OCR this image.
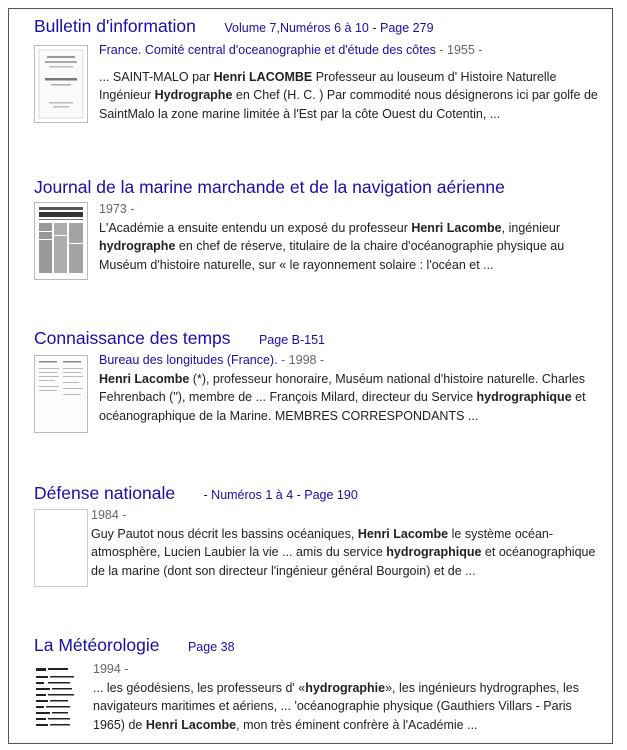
Bulletin d'information Volume 7,Numéros 6 à 10 - Page 279
France. Comité central d'oceanographie et d'étude des côtes - 1955 -
... SAINT-MALO par Henri LACOMBE Professeur au louseum d' Histoire Naturelle
Ingénieur Hydrographe en Chef (H. C. ) Par commodité nous désignerons ici par golfe de
SaintMalo la zone marine limitée à l'Est par la côte Ouest du Cotentin, ...
Journal de la marine marchande et de la navigation aérienne
1973 -
L'Académie a ensuite entendu un exposé du professeur Henri Lacombe, ingénieur
hydrographe en chef de réserve, titulaire de la chaire d'océanographie physique au
Muséum d'histoire naturelle, sur « le rayonnement solaire : l'océan et ...
Connaissance des temps Page B-151
Bureau des longitudes (France). - 1998 -
Henri Lacombe (*), professeur honoraire, Muséum national d'histoire naturelle. Charles
Fehrenbach ("), membre de ... François Milard, directeur du Service hydrographique et
océanographique de la Marine. MEMBRES CORRESPONDANTS ...
Défense nationale - Numéros 1 à 4 - Page 190
1984 -
Guy Pautot nous décrit les bassins océaniques, Henri Lacombe le système océan-
atmosphère, Lucien Laubier la vie ... amis du service hydrographique et océanographique
de la marine (dont son directeur l'ingénieur général Bourgoin) et de ...
La Météorologie Page 38
1994 -
... les géodésiens, les professeurs d' «hydrographie», les ingénieurs hydrographes, les
navigateurs maritimes et aériens, ... 'océanographie physique (Gauthiers Villars - Paris
1965) de Henri Lacombe, mon très éminent confrère à l'Académie ...
